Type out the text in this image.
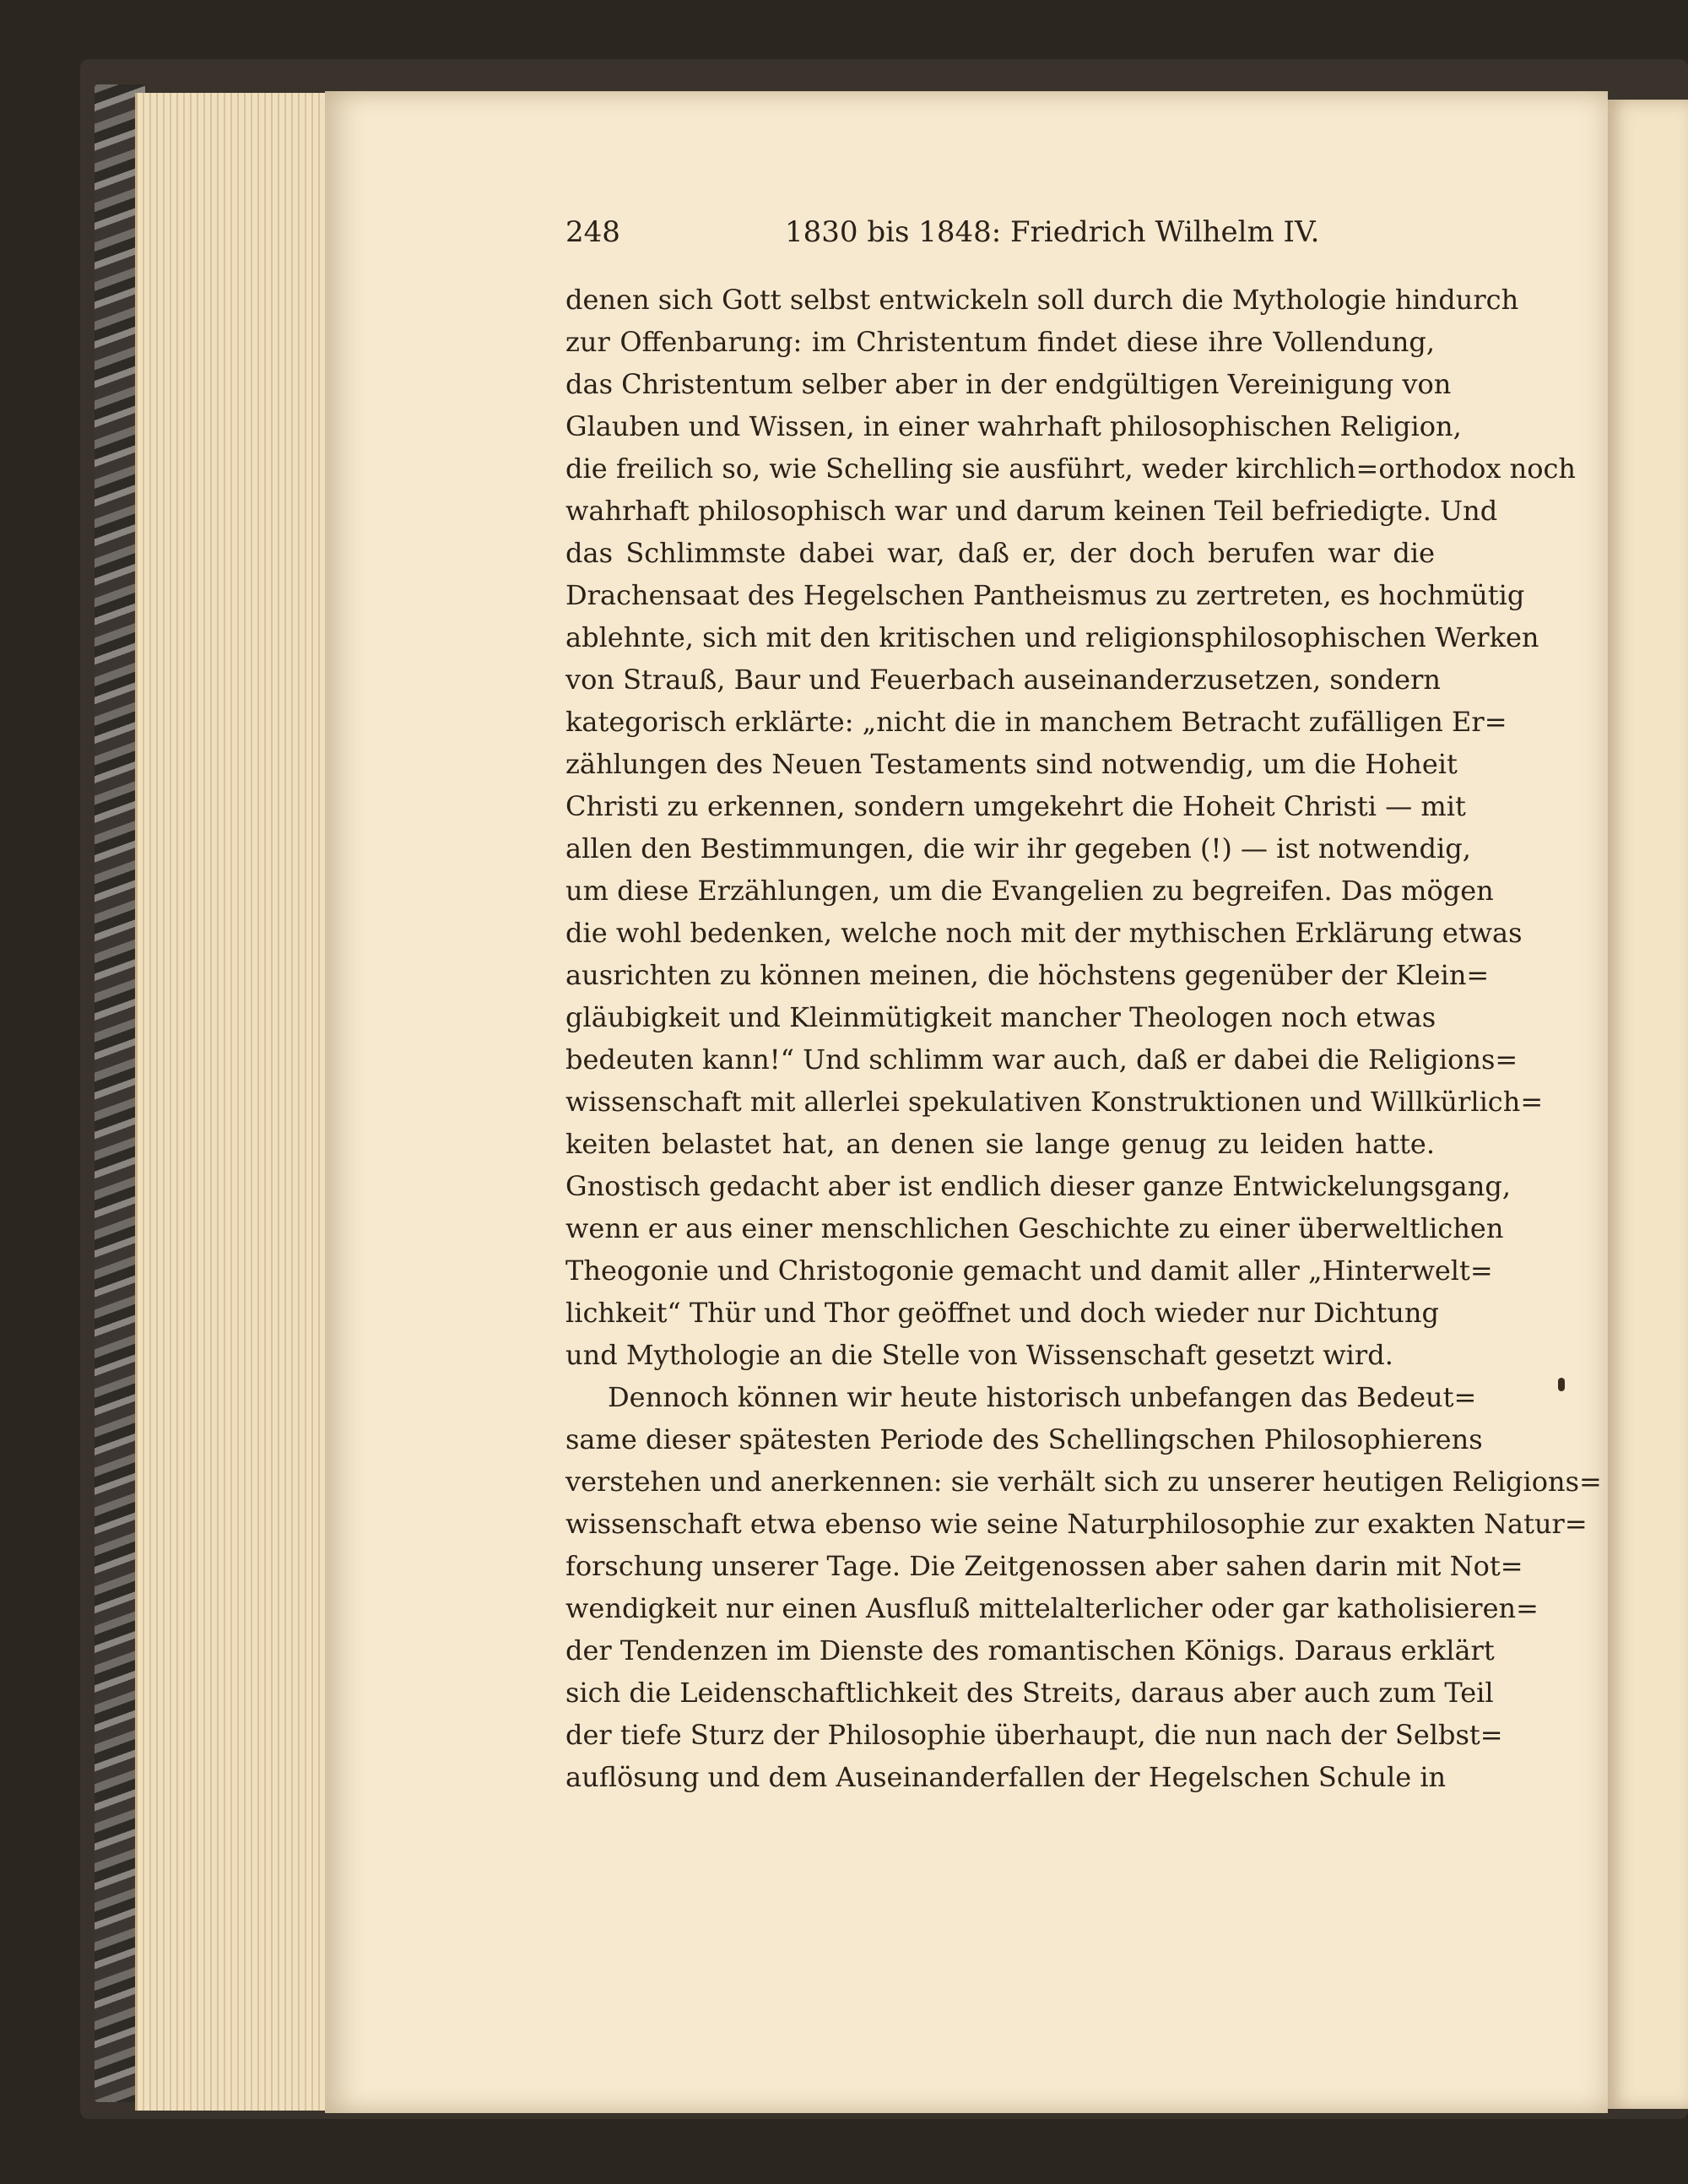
248	1830 bis 1848: Friedrich Wilhelm IV.
denen sich Gott selbst entwickeln soll durch die Mythologie hindurch
zur Offenbarung: im Christentum findet diese ihre Vollendung,
das Christentum selber aber in der endgültigen Vereinigung von
Glauben und Wissen, in einer wahrhaft philosophischen Religion,
die freilich so, wie Schelling sie ausführt, weder kirchlich=orthodox noch
wahrhaft philosophisch war und darum keinen Teil befriedigte. Und
das Schlimmste dabei war, daß er, der doch berufen war die
Drachensaat des Hegelschen Pantheismus zu zertreten, es hochmütig
ablehnte, sich mit den kritischen und religionsphilosophischen Werken
von Strauß, Baur und Feuerbach auseinanderzusetzen, sondern
kategorisch erklärte: „nicht die in manchem Betracht zufälligen Er=
zählungen des Neuen Testaments sind notwendig, um die Hoheit
Christi zu erkennen, sondern umgekehrt die Hoheit Christi — mit
allen den Bestimmungen, die wir ihr gegeben (!) — ist notwendig,
um diese Erzählungen, um die Evangelien zu begreifen. Das mögen
die wohl bedenken, welche noch mit der mythischen Erklärung etwas
ausrichten zu können meinen, die höchstens gegenüber der Klein=
gläubigkeit und Kleinmütigkeit mancher Theologen noch etwas
bedeuten kann!“ Und schlimm war auch, daß er dabei die Religions=
wissenschaft mit allerlei spekulativen Konstruktionen und Willkürlich=
keiten belastet hat, an denen sie lange genug zu leiden hatte.
Gnostisch gedacht aber ist endlich dieser ganze Entwickelungsgang,
wenn er aus einer menschlichen Geschichte zu einer überweltlichen
Theogonie und Christogonie gemacht und damit aller „Hinterwelt=
lichkeit“ Thür und Thor geöffnet und doch wieder nur Dichtung
und Mythologie an die Stelle von Wissenschaft gesetzt wird.
Dennoch können wir heute historisch unbefangen das Bedeut=
same dieser spätesten Periode des Schellingschen Philosophierens
verstehen und anerkennen: sie verhält sich zu unserer heutigen Religions=
wissenschaft etwa ebenso wie seine Naturphilosophie zur exakten Natur=
forschung unserer Tage. Die Zeitgenossen aber sahen darin mit Not=
wendigkeit nur einen Ausfluß mittelalterlicher oder gar katholisieren=
der Tendenzen im Dienste des romantischen Königs. Daraus erklärt
sich die Leidenschaftlichkeit des Streits, daraus aber auch zum Teil
der tiefe Sturz der Philosophie überhaupt, die nun nach der Selbst=
auflösung und dem Auseinanderfallen der Hegelschen Schule in
